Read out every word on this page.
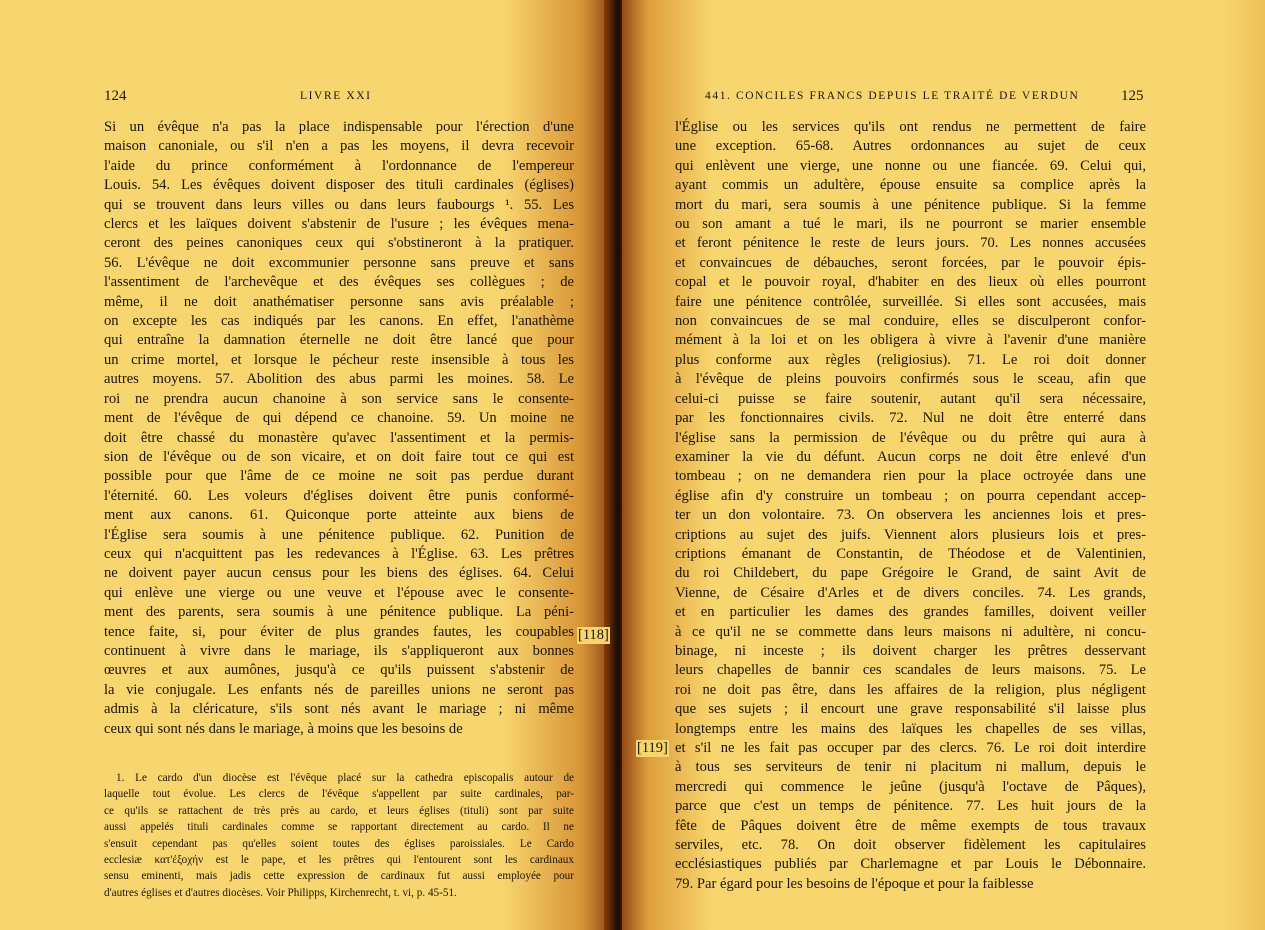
124	LIVRE XXI
Si un évêque n'a pas la place indispensable pour l'érection d'une
maison canoniale, ou s'il n'en a pas les moyens, il devra recevoir
l'aide du prince conformément à l'ordonnance de l'empereur
Louis. 54. Les évêques doivent disposer des tituli cardinales (églises)
qui se trouvent dans leurs villes ou dans leurs faubourgs ¹. 55. Les
clercs et les laïques doivent s'abstenir de l'usure ; les évêques mena-
ceront des peines canoniques ceux qui s'obstineront à la pratiquer.
56. L'évêque ne doit excommunier personne sans preuve et sans
l'assentiment de l'archevêque et des évêques ses collègues ; de
même, il ne doit anathématiser personne sans avis préalable ;
on excepte les cas indiqués par les canons. En effet, l'anathème
qui entraîne la damnation éternelle ne doit être lancé que pour
un crime mortel, et lorsque le pécheur reste insensible à tous les
autres moyens. 57. Abolition des abus parmi les moines. 58. Le
roi ne prendra aucun chanoine à son service sans le consente-
ment de l'évêque de qui dépend ce chanoine. 59. Un moine ne
doit être chassé du monastère qu'avec l'assentiment et la permis-
sion de l'évêque ou de son vicaire, et on doit faire tout ce qui est
possible pour que l'âme de ce moine ne soit pas perdue durant
l'éternité. 60. Les voleurs d'églises doivent être punis conformé-
ment aux canons. 61. Quiconque porte atteinte aux biens de
l'Église sera soumis à une pénitence publique. 62. Punition de
ceux qui n'acquittent pas les redevances à l'Église. 63. Les prêtres
ne doivent payer aucun census pour les biens des églises. 64. Celui
qui enlève une vierge ou une veuve et l'épouse avec le consente-
ment des parents, sera soumis à une pénitence publique. La péni-
tence faite, si, pour éviter de plus grandes fautes, les coupables
continuent à vivre dans le mariage, ils s'appliqueront aux bonnes
œuvres et aux aumônes, jusqu'à ce qu'ils puissent s'abstenir de
la vie conjugale. Les enfants nés de pareilles unions ne seront pas
admis à la cléricature, s'ils sont nés avant le mariage ; ni même
ceux qui sont nés dans le mariage, à moins que les besoins de
1. Le cardo d'un diocèse est l'évêque placé sur la cathedra episcopalis autour de
laquelle tout évolue. Les clercs de l'évêque s'appellent par suite cardinales, par-
ce qu'ils se rattachent de très près au cardo, et leurs églises (tituli) sont par suite
aussi appelés tituli cardinales comme se rapportant directement au cardo. Il ne
s'ensuit cependant pas qu'elles soient toutes des églises paroissiales. Le Cardo
ecclesiæ κατ'ἐξοχήν est le pape, et les prêtres qui l'entourent sont les cardinaux
sensu eminenti, mais jadis cette expression de cardinaux fut aussi employée pour
d'autres églises et d'autres diocèses. Voir Philipps, Kirchenrecht, t. vi, p. 45-51.
441. CONCILES FRANCS DEPUIS LE TRAITÉ DE VERDUN	125
l'Église ou les services qu'ils ont rendus ne permettent de faire
une exception. 65-68. Autres ordonnances au sujet de ceux
qui enlèvent une vierge, une nonne ou une fiancée. 69. Celui qui,
ayant commis un adultère, épouse ensuite sa complice après la
mort du mari, sera soumis à une pénitence publique. Si la femme
ou son amant a tué le mari, ils ne pourront se marier ensemble
et feront pénitence le reste de leurs jours. 70. Les nonnes accusées
et convaincues de débauches, seront forcées, par le pouvoir épis-
copal et le pouvoir royal, d'habiter en des lieux où elles pourront
faire une pénitence contrôlée, surveillée. Si elles sont accusées, mais
non convaincues de se mal conduire, elles se disculperont confor-
mément à la loi et on les obligera à vivre à l'avenir d'une manière
plus conforme aux règles (religiosius). 71. Le roi doit donner
à l'évêque de pleins pouvoirs confirmés sous le sceau, afin que
celui-ci puisse se faire soutenir, autant qu'il sera nécessaire,
par les fonctionnaires civils. 72. Nul ne doit être enterré dans
l'église sans la permission de l'évêque ou du prêtre qui aura à
examiner la vie du défunt. Aucun corps ne doit être enlevé d'un
tombeau ; on ne demandera rien pour la place octroyée dans une
église afin d'y construire un tombeau ; on pourra cependant accep-
ter un don volontaire. 73. On observera les anciennes lois et pres-
criptions au sujet des juifs. Viennent alors plusieurs lois et pres-
criptions émanant de Constantin, de Théodose et de Valentinien,
du roi Childebert, du pape Grégoire le Grand, de saint Avit de
Vienne, de Césaire d'Arles et de divers conciles. 74. Les grands,
et en particulier les dames des grandes familles, doivent veiller
à ce qu'il ne se commette dans leurs maisons ni adultère, ni concu-
binage, ni inceste ; ils doivent charger les prêtres desservant
leurs chapelles de bannir ces scandales de leurs maisons. 75. Le
roi ne doit pas être, dans les affaires de la religion, plus négligent
que ses sujets ; il encourt une grave responsabilité s'il laisse plus
longtemps entre les mains des laïques les chapelles de ses villas,
et s'il ne les fait pas occuper par des clercs. 76. Le roi doit interdire
à tous ses serviteurs de tenir ni placitum ni mallum, depuis le
mercredi qui commence le jeûne (jusqu'à l'octave de Pâques),
parce que c'est un temps de pénitence. 77. Les huit jours de la
fête de Pâques doivent être de même exempts de tous travaux
serviles, etc. 78. On doit observer fidèlement les capitulaires
ecclésiastiques publiés par Charlemagne et par Louis le Débonnaire.
79. Par égard pour les besoins de l'époque et pour la faiblesse
[118]
[119]
